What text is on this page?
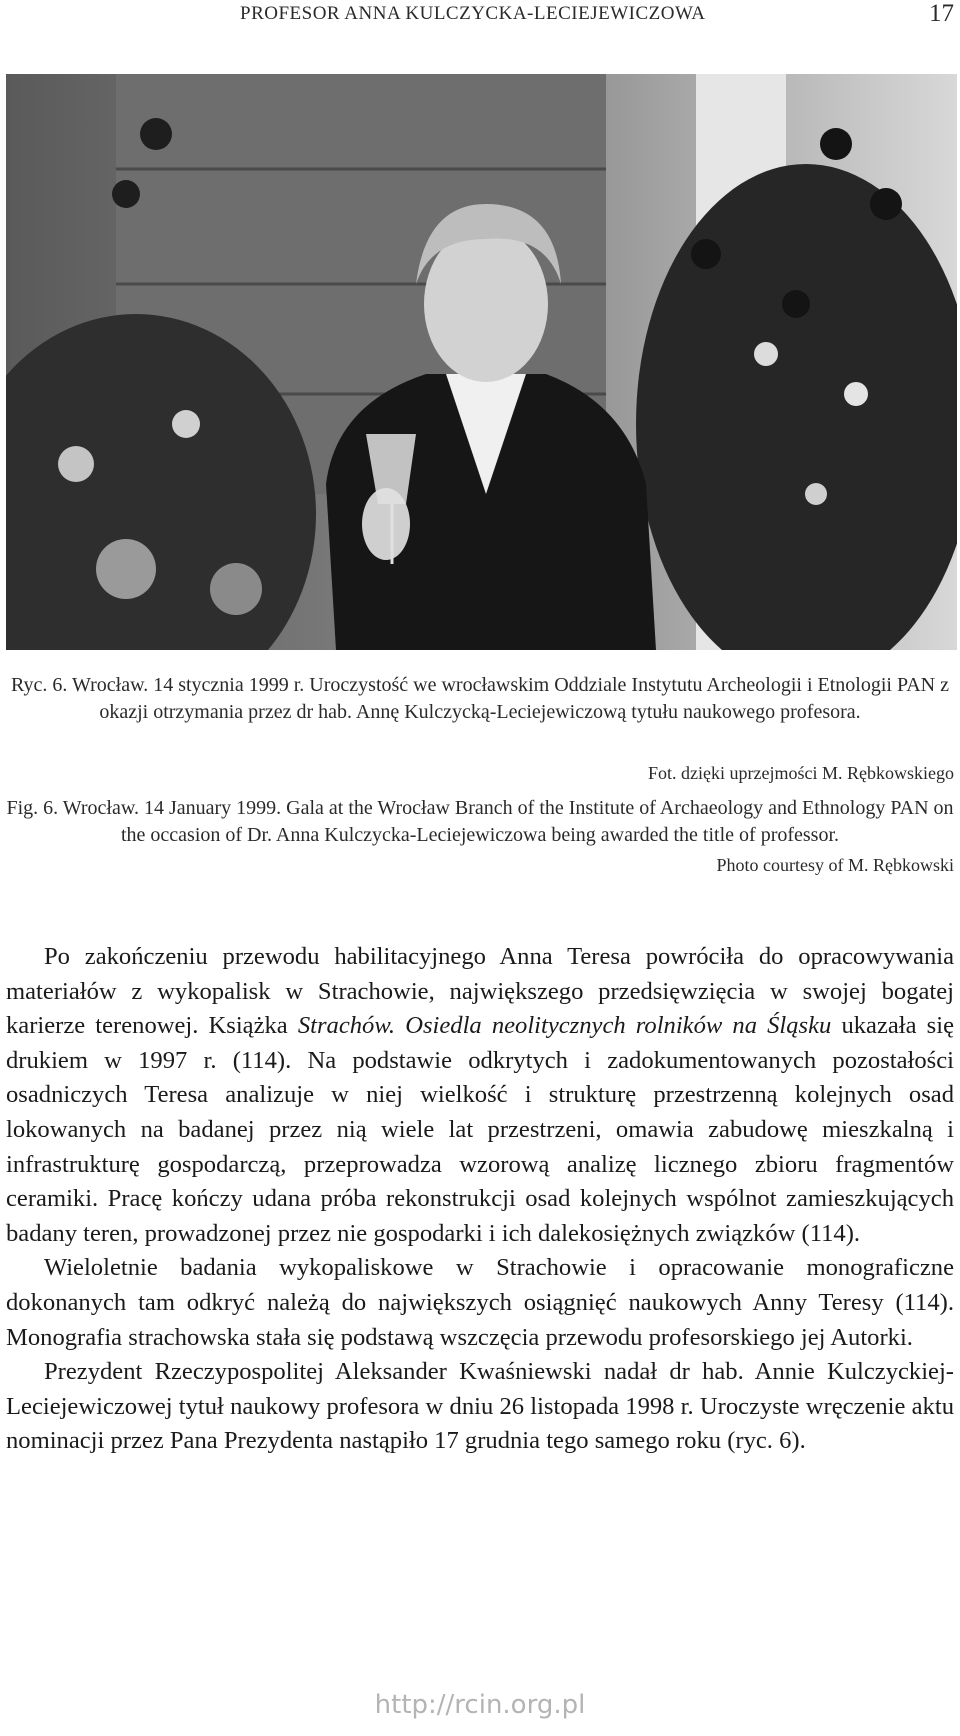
PROFESOR ANNA KULCZYCKA-LECIEJEWICZOWA	17
Ryc. 6. Wrocław. 14 stycznia 1999 r. Uroczystość we wrocławskim Oddziale Instytutu Archeologii i Etnologii PAN z okazji otrzymania przez dr hab. Annę Kulczycką-Leciejewiczową tytułu naukowego profesora.
Fot. dzięki uprzejmości M. Rębkowskiego
Fig. 6. Wrocław. 14 January 1999. Gala at the Wrocław Branch of the Institute of Archaeology and Ethnology PAN on the occasion of Dr. Anna Kulczycka-Leciejewiczowa being awarded the title of professor.
Photo courtesy of M. Rębkowski

Po zakończeniu przewodu habilitacyjnego Anna Teresa powróciła do opracowywania materiałów z wykopalisk w Strachowie, największego przedsięwzięcia w swojej bogatej karierze terenowej. Książka Strachów. Osiedla neolitycznych rolników na Śląsku ukazała się drukiem w 1997 r. (114). Na podstawie odkrytych i zadokumentowanych pozostałości osadniczych Teresa analizuje w niej wielkość i strukturę przestrzenną kolejnych osad lokowanych na badanej przez nią wiele lat przestrzeni, omawia zabudowę mieszkalną i infrastrukturę gospodarczą, przeprowadza wzorową analizę licznego zbioru fragmentów ceramiki. Pracę kończy udana próba rekonstrukcji osad kolejnych wspólnot zamieszkujących badany teren, prowadzonej przez nie gospodarki i ich dalekosiężnych związków (114).

Wieloletnie badania wykopaliskowe w Strachowie i opracowanie monograficzne dokonanych tam odkryć należą do największych osiągnięć naukowych Anny Teresy (114). Monografia strachowska stała się podstawą wszczęcia przewodu profesorskiego jej Autorki.

Prezydent Rzeczypospolitej Aleksander Kwaśniewski nadał dr hab. Annie Kulczyckiej-Leciejewiczowej tytuł naukowy profesora w dniu 26 listopada 1998 r. Uroczyste wręczenie aktu nominacji przez Pana Prezydenta nastąpiło 17 grudnia tego samego roku (ryc. 6).

http://rcin.org.pl
